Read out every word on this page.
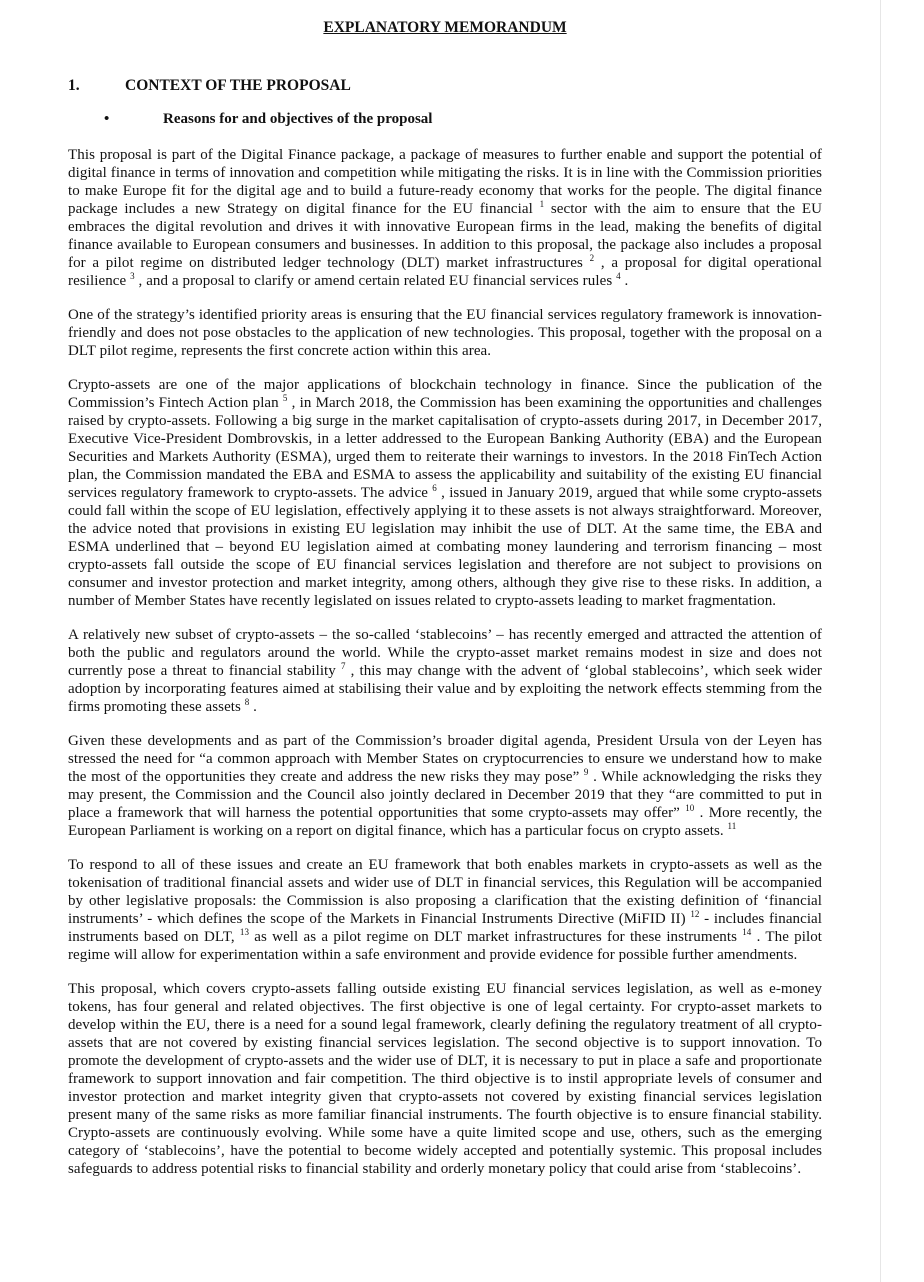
EXPLANATORY MEMORANDUM
1.	CONTEXT OF THE PROPOSAL
•	Reasons for and objectives of the proposal

This proposal is part of the Digital Finance package, a package of measures to further enable and support the potential of digital finance in terms of innovation and competition while mitigating the risks. It is in line with the Commission priorities to make Europe fit for the digital age and to build a future-ready economy that works for the people. The digital finance package includes a new Strategy on digital finance for the EU financial $^1$ sector with the aim to ensure that the EU embraces the digital revolution and drives it with innovative European firms in the lead, making the benefits of digital finance available to European consumers and businesses. In addition to this proposal, the package also includes a proposal for a pilot regime on distributed ledger technology (DLT) market infrastructures $^2$ , a proposal for digital operational resilience $^3$ , and a proposal to clarify or amend certain related EU financial services rules $^4$ .

One of the strategy’s identified priority areas is ensuring that the EU financial services regulatory framework is innovation-friendly and does not pose obstacles to the application of new technologies. This proposal, together with the proposal on a DLT pilot regime, represents the first concrete action within this area.

Crypto-assets are one of the major applications of blockchain technology in finance. Since the publication of the Commission’s Fintech Action plan $^5$ , in March 2018, the Commission has been examining the opportunities and challenges raised by crypto-assets. Following a big surge in the market capitalisation of crypto-assets during 2017, in December 2017, Executive Vice-President Dombrovskis, in a letter addressed to the European Banking Authority (EBA) and the European Securities and Markets Authority (ESMA), urged them to reiterate their warnings to investors. In the 2018 FinTech Action plan, the Commission mandated the EBA and ESMA to assess the applicability and suitability of the existing EU financial services regulatory framework to crypto-assets. The advice $^6$ , issued in January 2019, argued that while some crypto-assets could fall within the scope of EU legislation, effectively applying it to these assets is not always straightforward. Moreover, the advice noted that provisions in existing EU legislation may inhibit the use of DLT. At the same time, the EBA and ESMA underlined that – beyond EU legislation aimed at combating money laundering and terrorism financing – most crypto-assets fall outside the scope of EU financial services legislation and therefore are not subject to provisions on consumer and investor protection and market integrity, among others, although they give rise to these risks. In addition, a number of Member States have recently legislated on issues related to crypto-assets leading to market fragmentation.

A relatively new subset of crypto-assets – the so-called ‘stablecoins’ – has recently emerged and attracted the attention of both the public and regulators around the world. While the crypto-asset market remains modest in size and does not currently pose a threat to financial stability $^7$ , this may change with the advent of ‘global stablecoins’, which seek wider adoption by incorporating features aimed at stabilising their value and by exploiting the network effects stemming from the firms promoting these assets $^8$ .

Given these developments and as part of the Commission’s broader digital agenda, President Ursula von der Leyen has stressed the need for “a common approach with Member States on cryptocurrencies to ensure we understand how to make the most of the opportunities they create and address the new risks they may pose” $^9$ . While acknowledging the risks they may present, the Commission and the Council also jointly declared in December 2019 that they “are committed to put in place a framework that will harness the potential opportunities that some crypto-assets may offer” $^{10}$ . More recently, the European Parliament is working on a report on digital finance, which has a particular focus on crypto assets. $^{11}$

To respond to all of these issues and create an EU framework that both enables markets in crypto-assets as well as the tokenisation of traditional financial assets and wider use of DLT in financial services, this Regulation will be accompanied by other legislative proposals: the Commission is also proposing a clarification that the existing definition of ‘financial instruments’ - which defines the scope of the Markets in Financial Instruments Directive (MiFID II) $^{12}$ - includes financial instruments based on DLT, $^{13}$ as well as a pilot regime on DLT market infrastructures for these instruments $^{14}$ . The pilot regime will allow for experimentation within a safe environment and provide evidence for possible further amendments.

This proposal, which covers crypto-assets falling outside existing EU financial services legislation, as well as e-money tokens, has four general and related objectives. The first objective is one of legal certainty. For crypto-asset markets to develop within the EU, there is a need for a sound legal framework, clearly defining the regulatory treatment of all crypto-assets that are not covered by existing financial services legislation. The second objective is to support innovation. To promote the development of crypto-assets and the wider use of DLT, it is necessary to put in place a safe and proportionate framework to support innovation and fair competition. The third objective is to instil appropriate levels of consumer and investor protection and market integrity given that crypto-assets not covered by existing financial services legislation present many of the same risks as more familiar financial instruments. The fourth objective is to ensure financial stability. Crypto-assets are continuously evolving. While some have a quite limited scope and use, others, such as the emerging category of ‘stablecoins’, have the potential to become widely accepted and potentially systemic. This proposal includes safeguards to address potential risks to financial stability and orderly monetary policy that could arise from ‘stablecoins’.
